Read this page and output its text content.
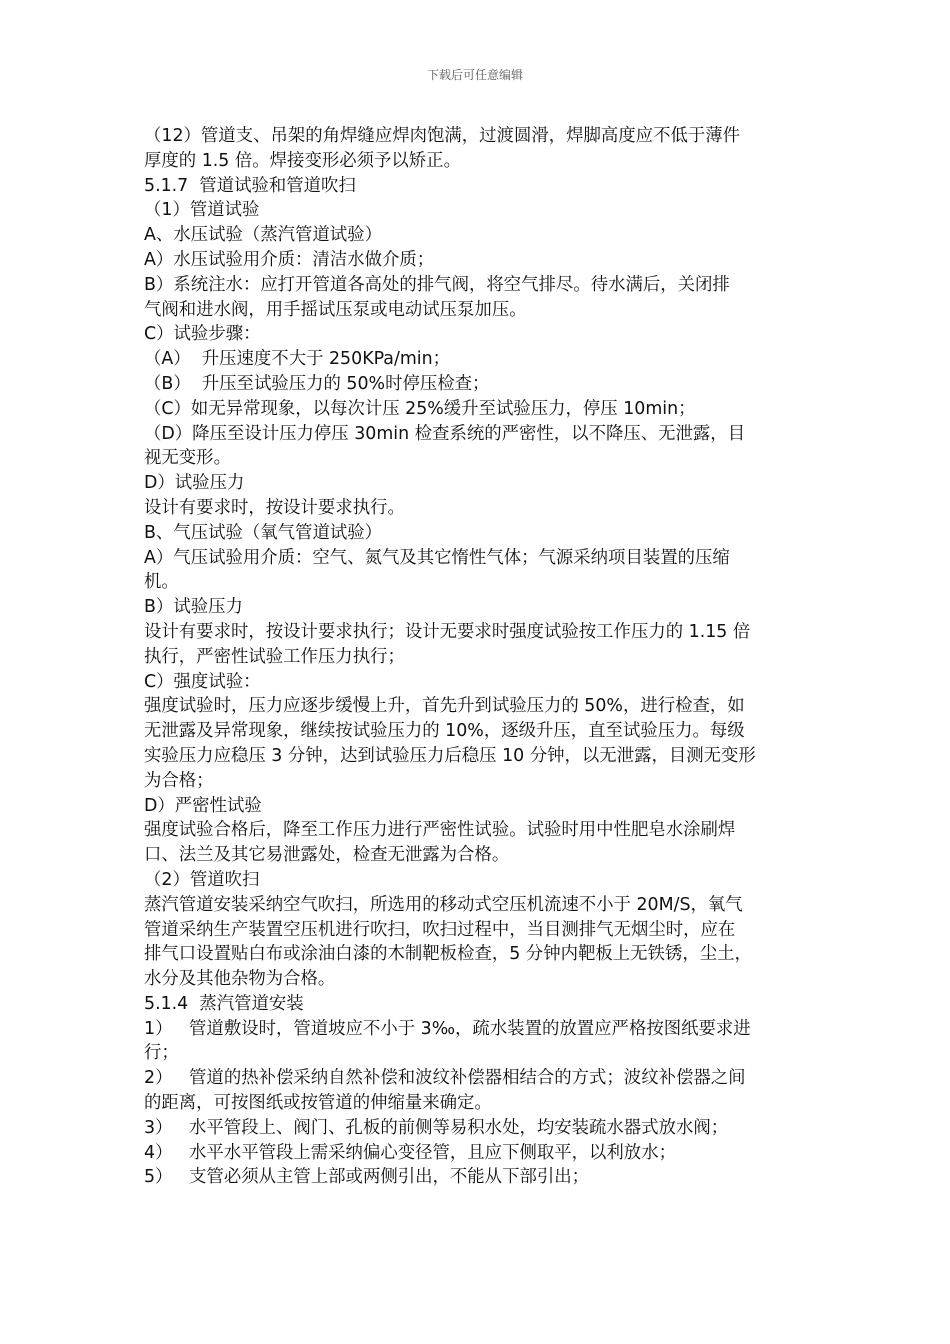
下载后可任意编辑
（12）管道支、吊架的角焊缝应焊肉饱满，过渡圆滑，焊脚高度应不低于薄件
厚度的 1.5 倍。焊接变形必须予以矫正。
5.1.7  管道试验和管道吹扫
（1）管道试验
A、水压试验（蒸汽管道试验）
A）水压试验用介质：清洁水做介质；
B）系统注水：应打开管道各高处的排气阀，将空气排尽。待水满后，关闭排
气阀和进水阀，用手摇试压泵或电动试压泵加压。
C）试验步骤：
（A）  升压速度不大于 250KPa/min；
（B）  升压至试验压力的 50%时停压检查；
（C）如无异常现象，以每次计压 25%缓升至试验压力，停压 10min；
（D）降压至设计压力停压 30min 检查系统的严密性，以不降压、无泄露，目
视无变形。
D）试验压力
设计有要求时，按设计要求执行。
B、气压试验（氧气管道试验）
A）气压试验用介质：空气、氮气及其它惰性气体；气源采纳项目装置的压缩
机。
B）试验压力
设计有要求时，按设计要求执行；设计无要求时强度试验按工作压力的 1.15 倍
执行，严密性试验工作压力执行；
C）强度试验：
强度试验时，压力应逐步缓慢上升，首先升到试验压力的 50%，进行检查，如
无泄露及异常现象，继续按试验压力的 10%，逐级升压，直至试验压力。每级
实验压力应稳压 3 分钟，达到试验压力后稳压 10 分钟，以无泄露，目测无变形
为合格；
D）严密性试验
强度试验合格后，降至工作压力进行严密性试验。试验时用中性肥皂水涂刷焊
口、法兰及其它易泄露处，检查无泄露为合格。
（2）管道吹扫
蒸汽管道安装采纳空气吹扫，所选用的移动式空压机流速不小于 20M/S，氧气
管道采纳生产装置空压机进行吹扫，吹扫过程中，当目测排气无烟尘时，应在
排气口设置贴白布或涂油白漆的木制靶板检查，5 分钟内靶板上无铁锈，尘土，
水分及其他杂物为合格。
5.1.4  蒸汽管道安装
1）   管道敷设时，管道坡应不小于 3‰，疏水装置的放置应严格按图纸要求进
行；
2）   管道的热补偿采纳自然补偿和波纹补偿器相结合的方式；波纹补偿器之间
的距离，可按图纸或按管道的伸缩量来确定。
3）   水平管段上、阀门、孔板的前侧等易积水处，均安装疏水器式放水阀；
4）   水平水平管段上需采纳偏心变径管，且应下侧取平，以利放水；
5）   支管必须从主管上部或两侧引出，不能从下部引出；
